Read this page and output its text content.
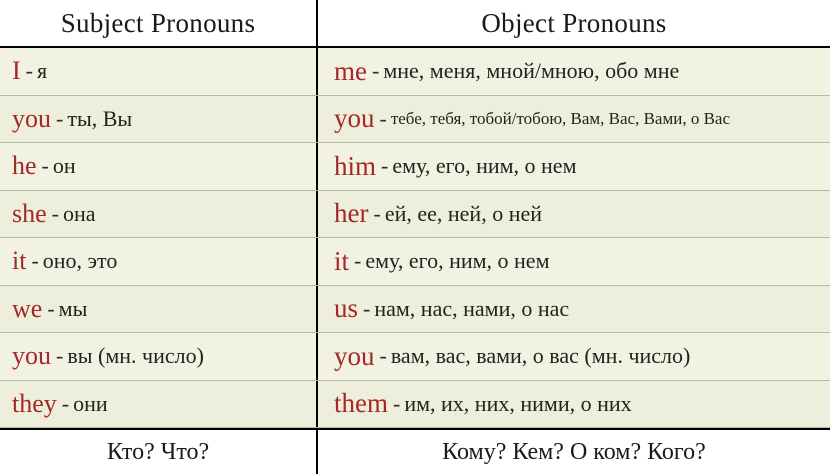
Subject Pronouns	Object Pronouns
I - я	me - мне, меня, мной/мною, обо мне
you - ты, Вы	you - тебе, тебя, тобой/тобою, Вам, Вас, Вами, о Вас
he - он	him - ему, его, ним, о нем
she - она	her - ей, ее, ней, о ней
it - оно, это	it - ему, его, ним, о нем
we - мы	us - нам, нас, нами, о нас
you - вы (мн. число)	you - вам, вас, вами, о вас (мн. число)
they - они	them - им, их, них, ними, о них
Кто? Что?	Кому? Кем? О ком? Кого?
